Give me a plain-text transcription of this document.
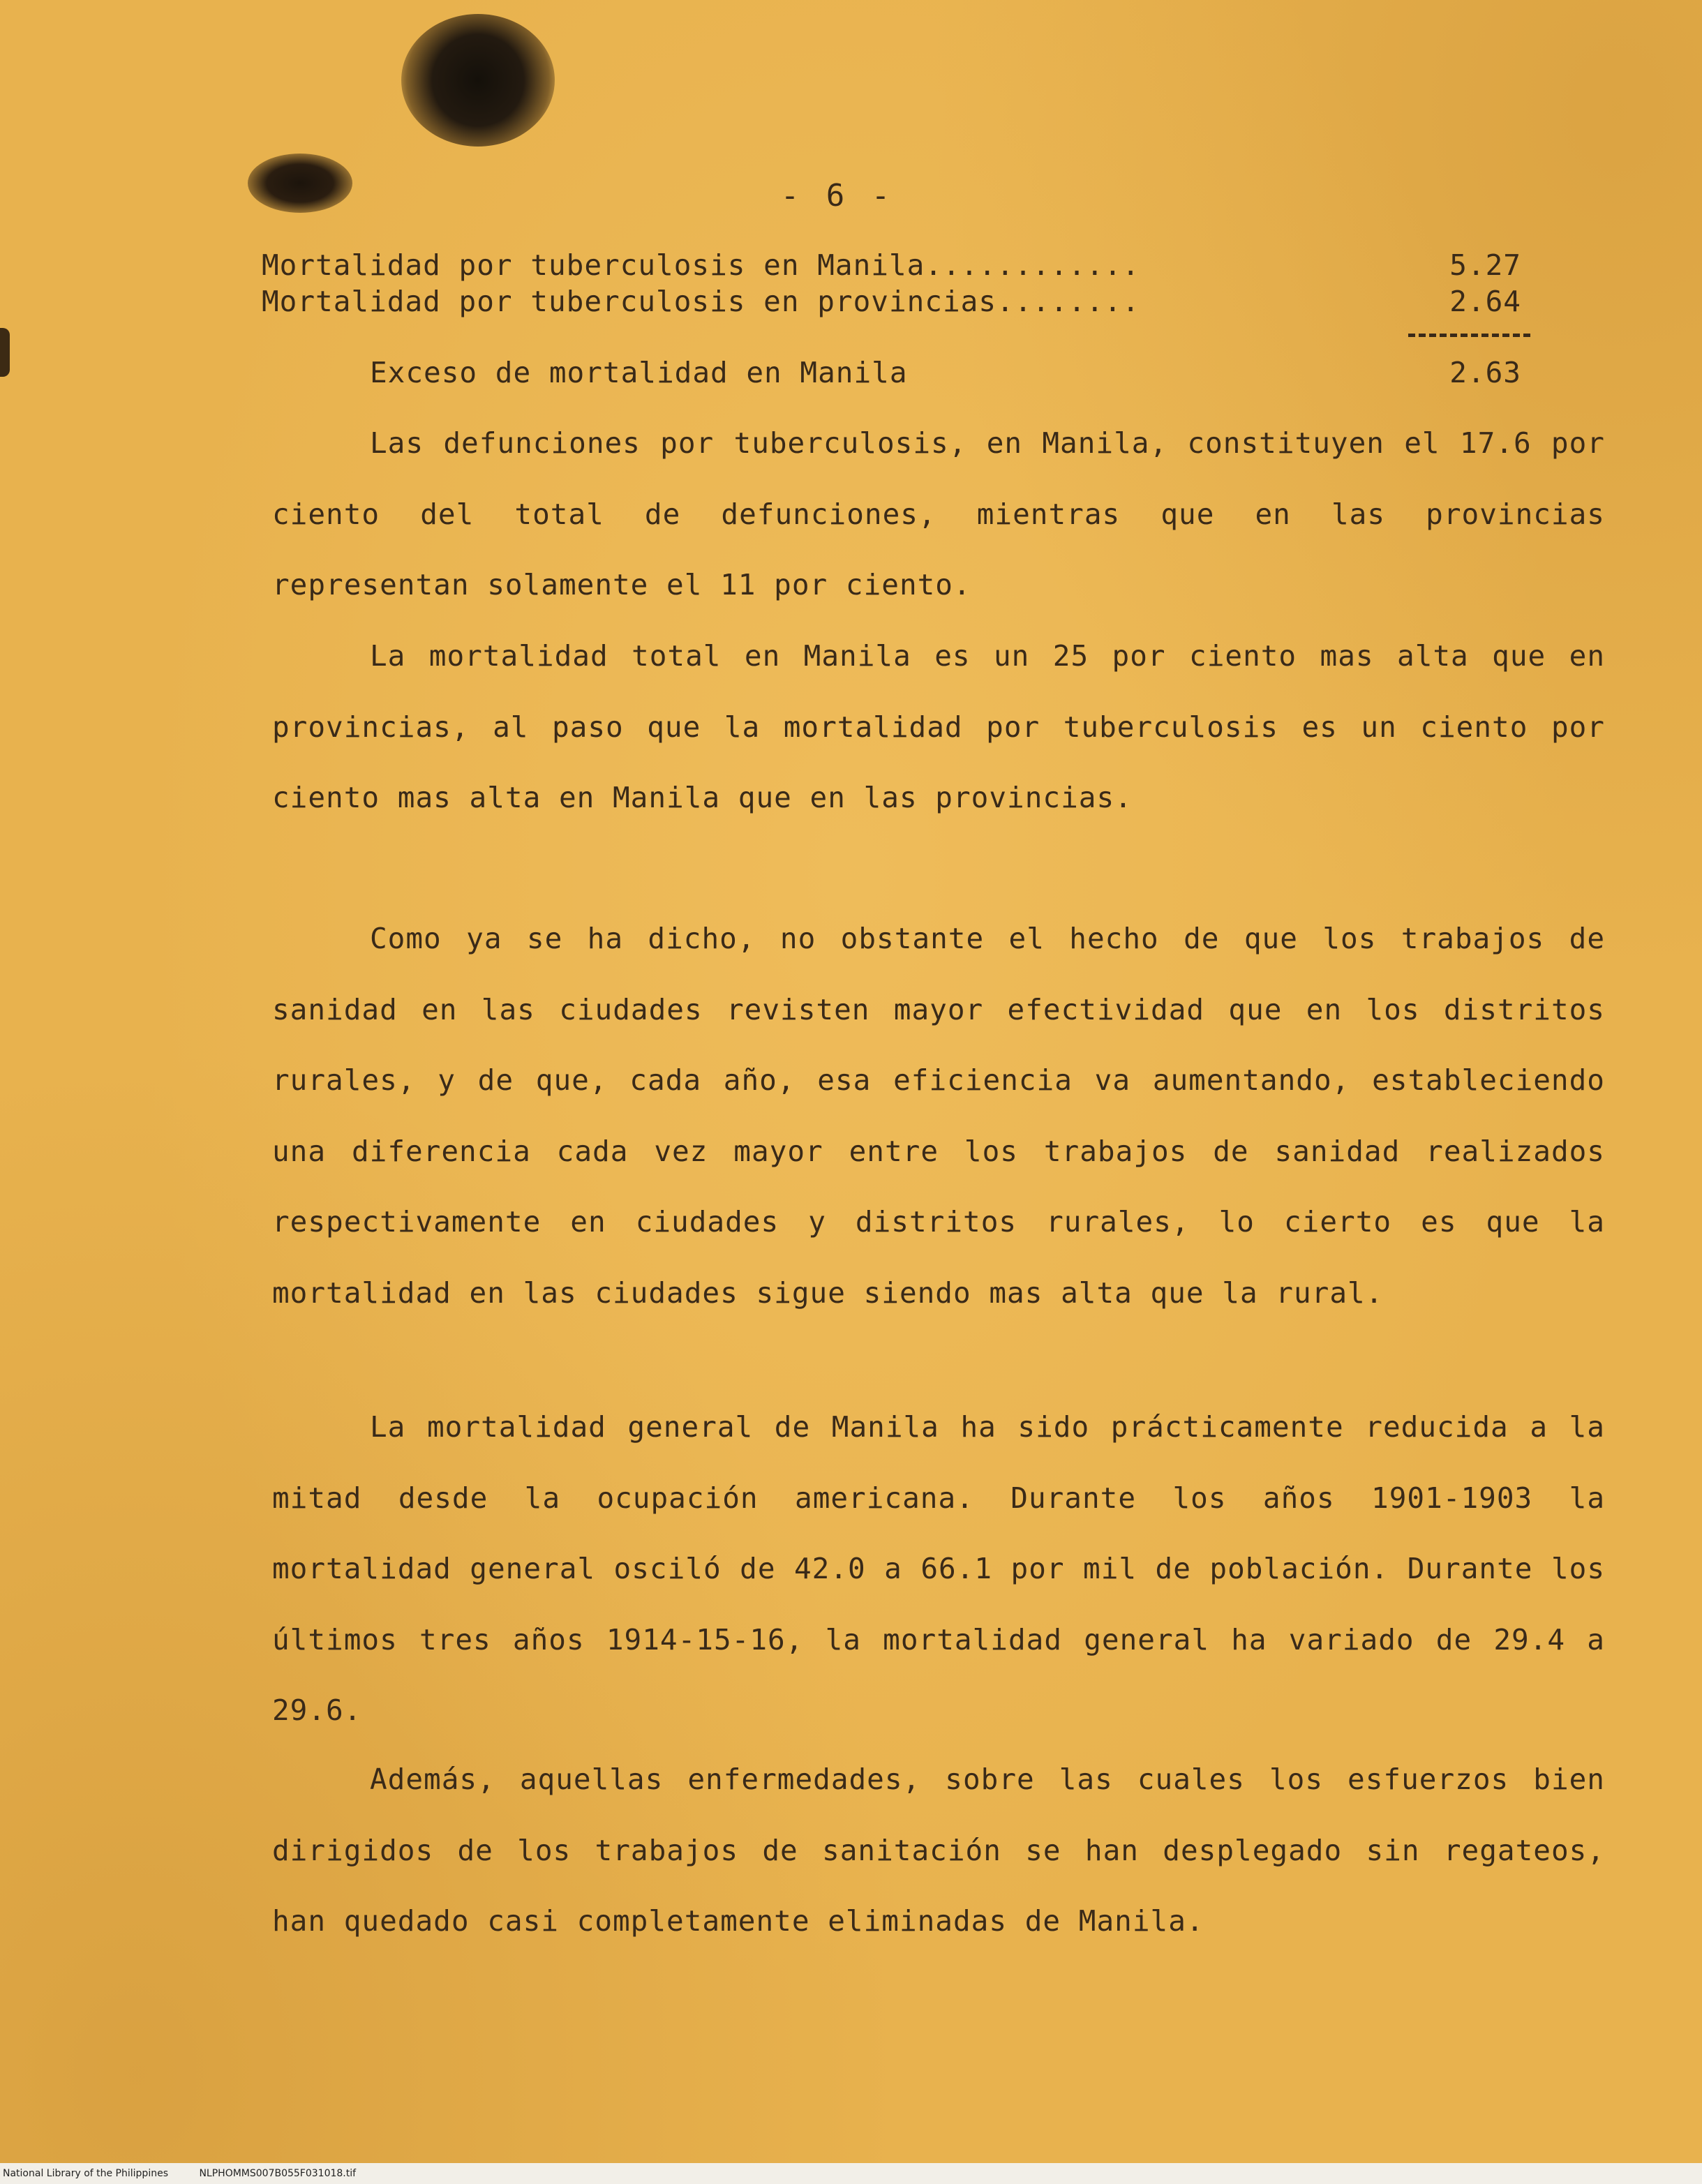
- 6 -
Mortalidad por tuberculosis en Manila............	5.27
Mortalidad por tuberculosis en provincias........	2.64
Exceso de mortalidad en Manila	2.63

Las defunciones por tuberculosis, en Manila, constituyen el 17.6 por ciento del total de defunciones, mientras que en las provincias representan solamente el 11 por ciento.

La mortalidad total en Manila es un 25 por ciento mas alta que en provincias, al paso que la mortalidad por tuberculosis es un ciento por ciento mas alta en Manila que en las provincias.

Como ya se ha dicho, no obstante el hecho de que los trabajos de sanidad en las ciudades revisten mayor efectividad que en los distritos rurales, y de que, cada año, esa eficiencia va aumentando, estableciendo una diferencia cada vez mayor entre los trabajos de sanidad realizados respectivamente en ciudades y distritos rurales, lo cierto es que la mortalidad en las ciudades sigue siendo mas alta que la rural.

La mortalidad general de Manila ha sido prácticamente reducida a la mitad desde la ocupación americana. Durante los años 1901-1903 la mortalidad general osciló de 42.0 a 66.1 por mil de población. Durante los últimos tres años 1914-15-16, la mortalidad general ha variado de 29.4 a 29.6.

Además, aquellas enfermedades, sobre las cuales los esfuerzos bien dirigidos de los trabajos de sanitación se han desplegado sin regateos, han quedado casi completamente eliminadas de Manila.

National Library of the Philippines	NLPHOMMS007B055F031018.tif
